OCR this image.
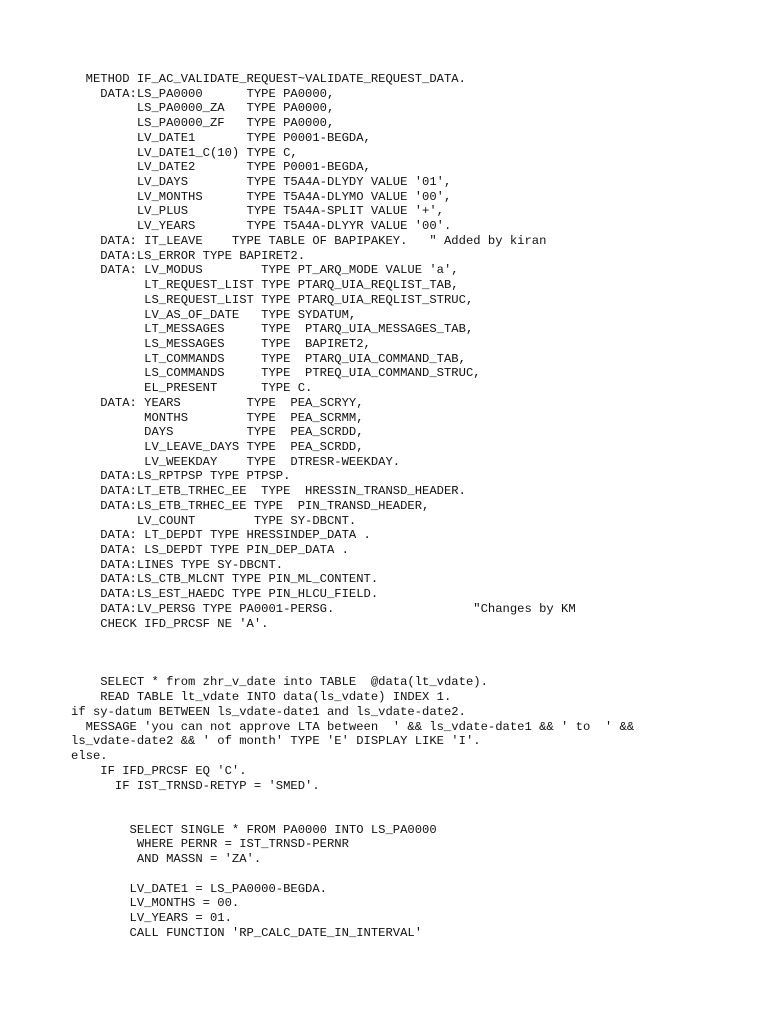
METHOD IF_AC_VALIDATE_REQUEST~VALIDATE_REQUEST_DATA.
DATA:LS_PA0000      TYPE PA0000,
LS_PA0000_ZA   TYPE PA0000,
LS_PA0000_ZF   TYPE PA0000,
LV_DATE1       TYPE P0001-BEGDA,
LV_DATE1_C(10) TYPE C,
LV_DATE2       TYPE P0001-BEGDA,
LV_DAYS        TYPE T5A4A-DLYDY VALUE '01',
LV_MONTHS      TYPE T5A4A-DLYMO VALUE '00',
LV_PLUS        TYPE T5A4A-SPLIT VALUE '+',
LV_YEARS       TYPE T5A4A-DLYYR VALUE '00'.
DATA: IT_LEAVE    TYPE TABLE OF BAPIPAKEY.   " Added by kiran
DATA:LS_ERROR TYPE BAPIRET2.
DATA: LV_MODUS        TYPE PT_ARQ_MODE VALUE 'a',
LT_REQUEST_LIST TYPE PTARQ_UIA_REQLIST_TAB,
LS_REQUEST_LIST TYPE PTARQ_UIA_REQLIST_STRUC,
LV_AS_OF_DATE   TYPE SYDATUM,
LT_MESSAGES     TYPE  PTARQ_UIA_MESSAGES_TAB,
LS_MESSAGES     TYPE  BAPIRET2,
LT_COMMANDS     TYPE  PTARQ_UIA_COMMAND_TAB,
LS_COMMANDS     TYPE  PTREQ_UIA_COMMAND_STRUC,
EL_PRESENT      TYPE C.
DATA: YEARS         TYPE  PEA_SCRYY,
MONTHS        TYPE  PEA_SCRMM,
DAYS          TYPE  PEA_SCRDD,
LV_LEAVE_DAYS TYPE  PEA_SCRDD,
LV_WEEKDAY    TYPE  DTRESR-WEEKDAY.
DATA:LS_RPTPSP TYPE PTPSP.
DATA:LT_ETB_TRHEC_EE  TYPE  HRESSIN_TRANSD_HEADER.
DATA:LS_ETB_TRHEC_EE TYPE  PIN_TRANSD_HEADER,
LV_COUNT        TYPE SY-DBCNT.
DATA: LT_DEPDT TYPE HRESSINDEP_DATA .
DATA: LS_DEPDT TYPE PIN_DEP_DATA .
DATA:LINES TYPE SY-DBCNT.
DATA:LS_CTB_MLCNT TYPE PIN_ML_CONTENT.
DATA:LS_EST_HAEDC TYPE PIN_HLCU_FIELD.
DATA:LV_PERSG TYPE PA0001-PERSG.                   "Changes by KM
CHECK IFD_PRCSF NE 'A'.
SELECT * from zhr_v_date into TABLE  @data(lt_vdate).
READ TABLE lt_vdate INTO data(ls_vdate) INDEX 1.
if sy-datum BETWEEN ls_vdate-date1 and ls_vdate-date2.
MESSAGE 'you can not approve LTA between  ' && ls_vdate-date1 && ' to  ' &&
ls_vdate-date2 && ' of month' TYPE 'E' DISPLAY LIKE 'I'.
else.
IF IFD_PRCSF EQ 'C'.
IF IST_TRNSD-RETYP = 'SMED'.
SELECT SINGLE * FROM PA0000 INTO LS_PA0000
WHERE PERNR = IST_TRNSD-PERNR
AND MASSN = 'ZA'.
LV_DATE1 = LS_PA0000-BEGDA.
LV_MONTHS = 00.
LV_YEARS = 01.
CALL FUNCTION 'RP_CALC_DATE_IN_INTERVAL'
